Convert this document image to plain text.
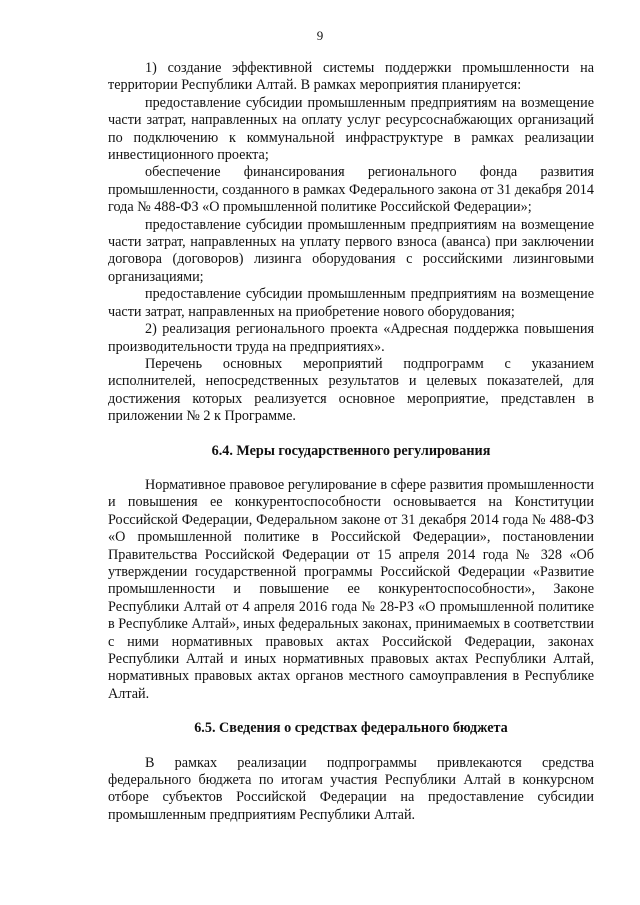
9

1) создание эффективной системы поддержки промышленности на территории Республики Алтай. В рамках мероприятия планируется:

предоставление субсидии промышленным предприятиям на возмещение части затрат, направленных на оплату услуг ресурсоснабжающих организаций по подключению к коммунальной инфраструктуре в рамках реализации инвестиционного проекта;

обеспечение финансирования регионального фонда развития промышленности, созданного в рамках Федерального закона от 31 декабря 2014 года № 488-ФЗ «О промышленной политике Российской Федерации»;

предоставление субсидии промышленным предприятиям на возмещение части затрат, направленных на уплату первого взноса (аванса) при заключении договора (договоров) лизинга оборудования с российскими лизинговыми организациями;

предоставление субсидии промышленным предприятиям на возмещение части затрат, направленных на приобретение нового оборудования;

2) реализация регионального проекта «Адресная поддержка повышения производительности труда на предприятиях».

Перечень основных мероприятий подпрограмм с указанием исполнителей, непосредственных результатов и целевых показателей, для достижения которых реализуется основное мероприятие, представлен в приложении № 2 к Программе.

6.4. Меры государственного регулирования

Нормативное правовое регулирование в сфере развития промышленности и повышения ее конкурентоспособности основывается на Конституции Российской Федерации, Федеральном законе от 31 декабря 2014 года № 488-ФЗ «О промышленной политике в Российской Федерации», постановлении Правительства Российской Федерации от 15 апреля 2014 года № 328 «Об утверждении государственной программы Российской Федерации «Развитие промышленности и повышение ее конкурентоспособности», Законе Республики Алтай от 4 апреля 2016 года № 28-РЗ «О промышленной политике в Республике Алтай», иных федеральных законах, принимаемых в соответствии с ними нормативных правовых актах Российской Федерации, законах Республики Алтай и иных нормативных правовых актах Республики Алтай, нормативных правовых актах органов местного самоуправления в Республике Алтай.

6.5. Сведения о средствах федерального бюджета

В рамках реализации подпрограммы привлекаются средства федерального бюджета по итогам участия Республики Алтай в конкурсном отборе субъектов Российской Федерации на предоставление субсидии промышленным предприятиям Республики Алтай.
